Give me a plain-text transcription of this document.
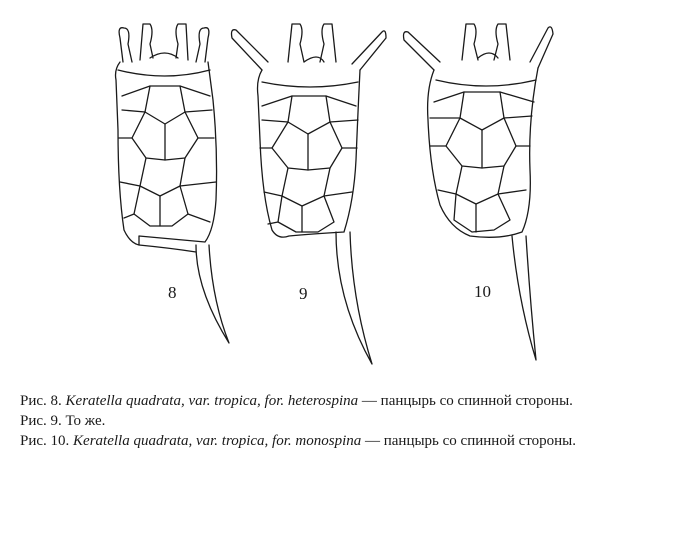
8	9	10

Рис. 8. Keratella quadrata, var. tropica, for. heterospina — панцырь со спинной стороны.

Рис. 9. То же.

Рис. 10. Keratella quadrata, var. tropica, for. monospina — панцырь со спинной стороны.
